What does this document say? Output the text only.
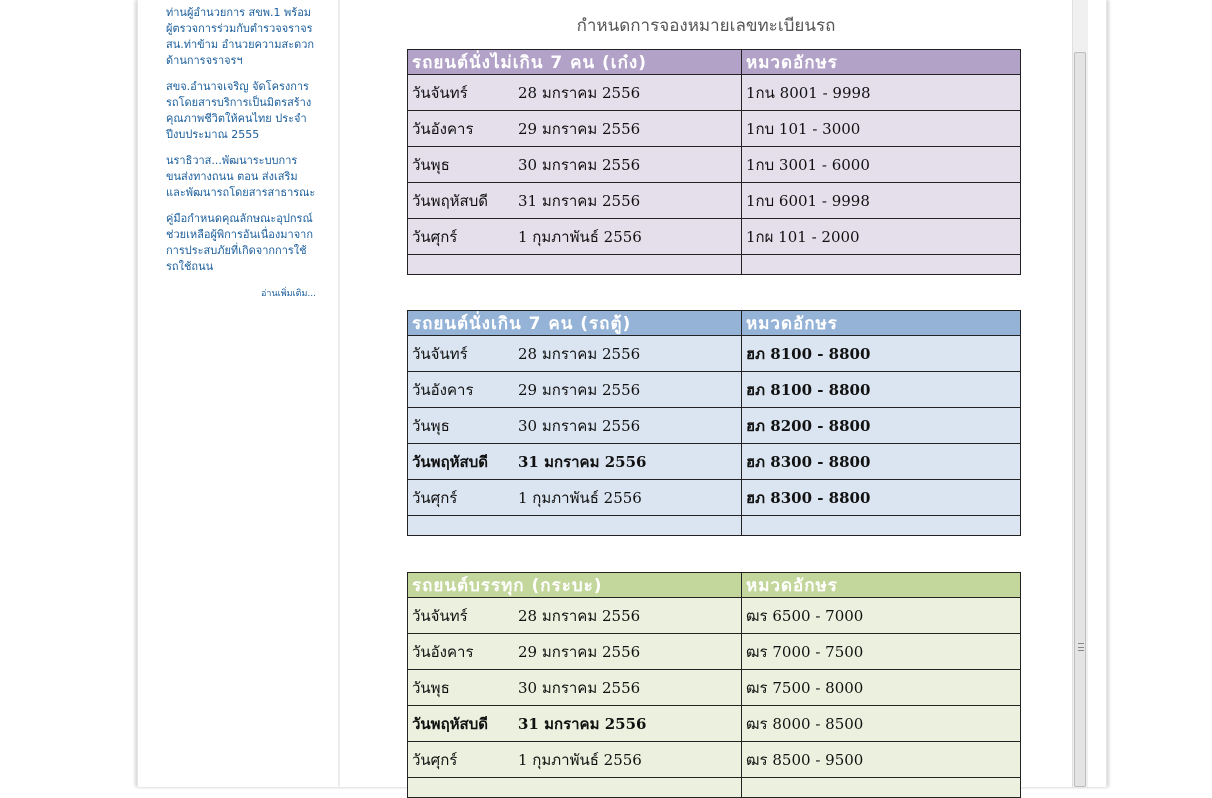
ท่านผู้อำนวยการ สขพ.1 พร้อม ผู้ตรวจการร่วมกับตำรวจจราจร สน.ท่าข้าม อำนวยความสะดวกด้านการจราจรฯ
สขจ.อำนาจเจริญ จัดโครงการรถโดยสารบริการเป็นมิตรสร้างคุณภาพชีวิตให้คนไทย ประจำปีงบประมาณ 2555
นราธิวาส...พัฒนาระบบการขนส่งทางถนน ตอน ส่งเสริม และพัฒนารถโดยสารสาธารณะ
คู่มือกำหนดคุณลักษณะอุปกรณ์ช่วยเหลือผู้พิการอันเนื่องมาจากการประสบภัยที่เกิดจากการใช้รถใช้ถนน
อ่านเพิ่มเติม...
กำหนดการจองหมายเลขทะเบียนรถ
รถยนต์นั่งไม่เกิน 7 คน (เก๋ง)	หมวดอักษร
วันจันทร์	28 มกราคม 2556	1กน 8001 - 9998
วันอังคาร	29 มกราคม 2556	1กบ 101 - 3000
วันพุธ	30 มกราคม 2556	1กบ 3001 - 6000
วันพฤหัสบดี	31 มกราคม 2556	1กบ 6001 - 9998
วันศุกร์	1 กุมภาพันธ์ 2556	1กผ 101 - 2000
รถยนต์นั่งเกิน 7 คน (รถตู้)	หมวดอักษร
วันจันทร์	28 มกราคม 2556	ฮภ 8100 - 8800
วันอังคาร	29 มกราคม 2556	ฮภ 8100 - 8800
วันพุธ	30 มกราคม 2556	ฮภ 8200 - 8800
วันพฤหัสบดี	31 มกราคม 2556	ฮภ 8300 - 8800
วันศุกร์	1 กุมภาพันธ์ 2556	ฮภ 8300 - 8800
รถยนต์บรรทุก (กระบะ)	หมวดอักษร
วันจันทร์	28 มกราคม 2556	ฒร 6500 - 7000
วันอังคาร	29 มกราคม 2556	ฒร 7000 - 7500
วันพุธ	30 มกราคม 2556	ฒร 7500 - 8000
วันพฤหัสบดี	31 มกราคม 2556	ฒร 8000 - 8500
วันศุกร์	1 กุมภาพันธ์ 2556	ฒร 8500 - 9500
